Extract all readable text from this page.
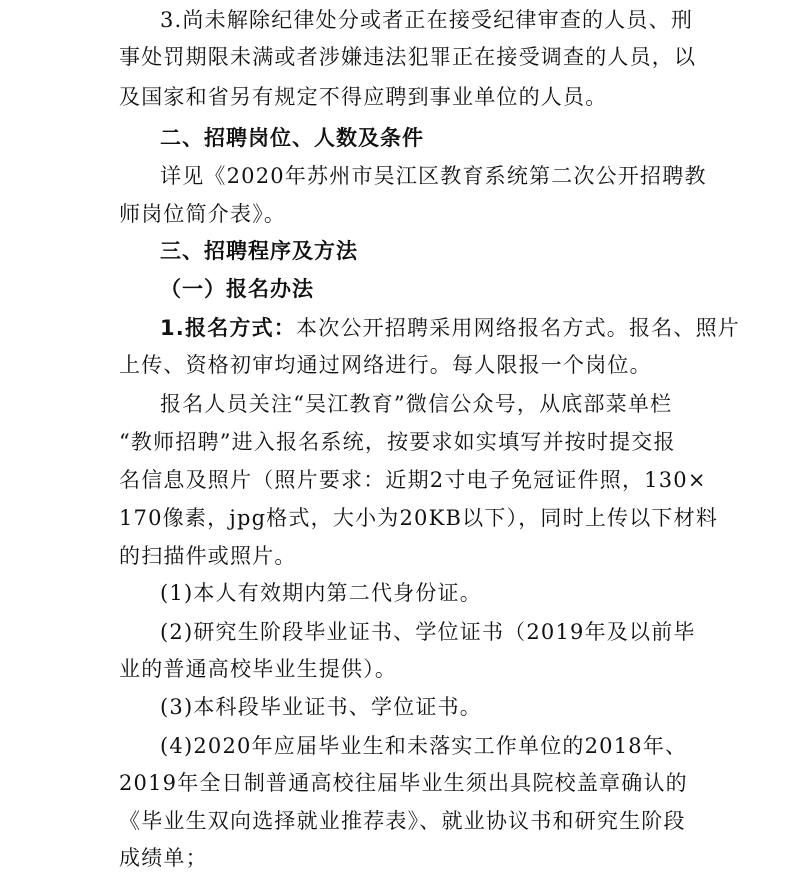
3.尚未解除纪律处分或者正在接受纪律审查的人员、刑
事处罚期限未满或者涉嫌违法犯罪正在接受调查的人员，以
及国家和省另有规定不得应聘到事业单位的人员。
二、招聘岗位、人数及条件
详见《2020年苏州市吴江区教育系统第二次公开招聘教
师岗位简介表》。
三、招聘程序及方法
（一）报名办法
1.报名方式：本次公开招聘采用网络报名方式。报名、照片
上传、资格初审均通过网络进行。每人限报一个岗位。
报名人员关注“吴江教育”微信公众号，从底部菜单栏
“教师招聘”进入报名系统，按要求如实填写并按时提交报
名信息及照片（照片要求：近期2寸电子免冠证件照，130×
170像素，jpg格式，大小为20KB以下），同时上传以下材料
的扫描件或照片。
(1)本人有效期内第二代身份证。
(2)研究生阶段毕业证书、学位证书（2019年及以前毕
业的普通高校毕业生提供）。
(3)本科段毕业证书、学位证书。
(4)2020年应届毕业生和未落实工作单位的2018年、
2019年全日制普通高校往届毕业生须出具院校盖章确认的
《毕业生双向选择就业推荐表》、就业协议书和研究生阶段
成绩单；
